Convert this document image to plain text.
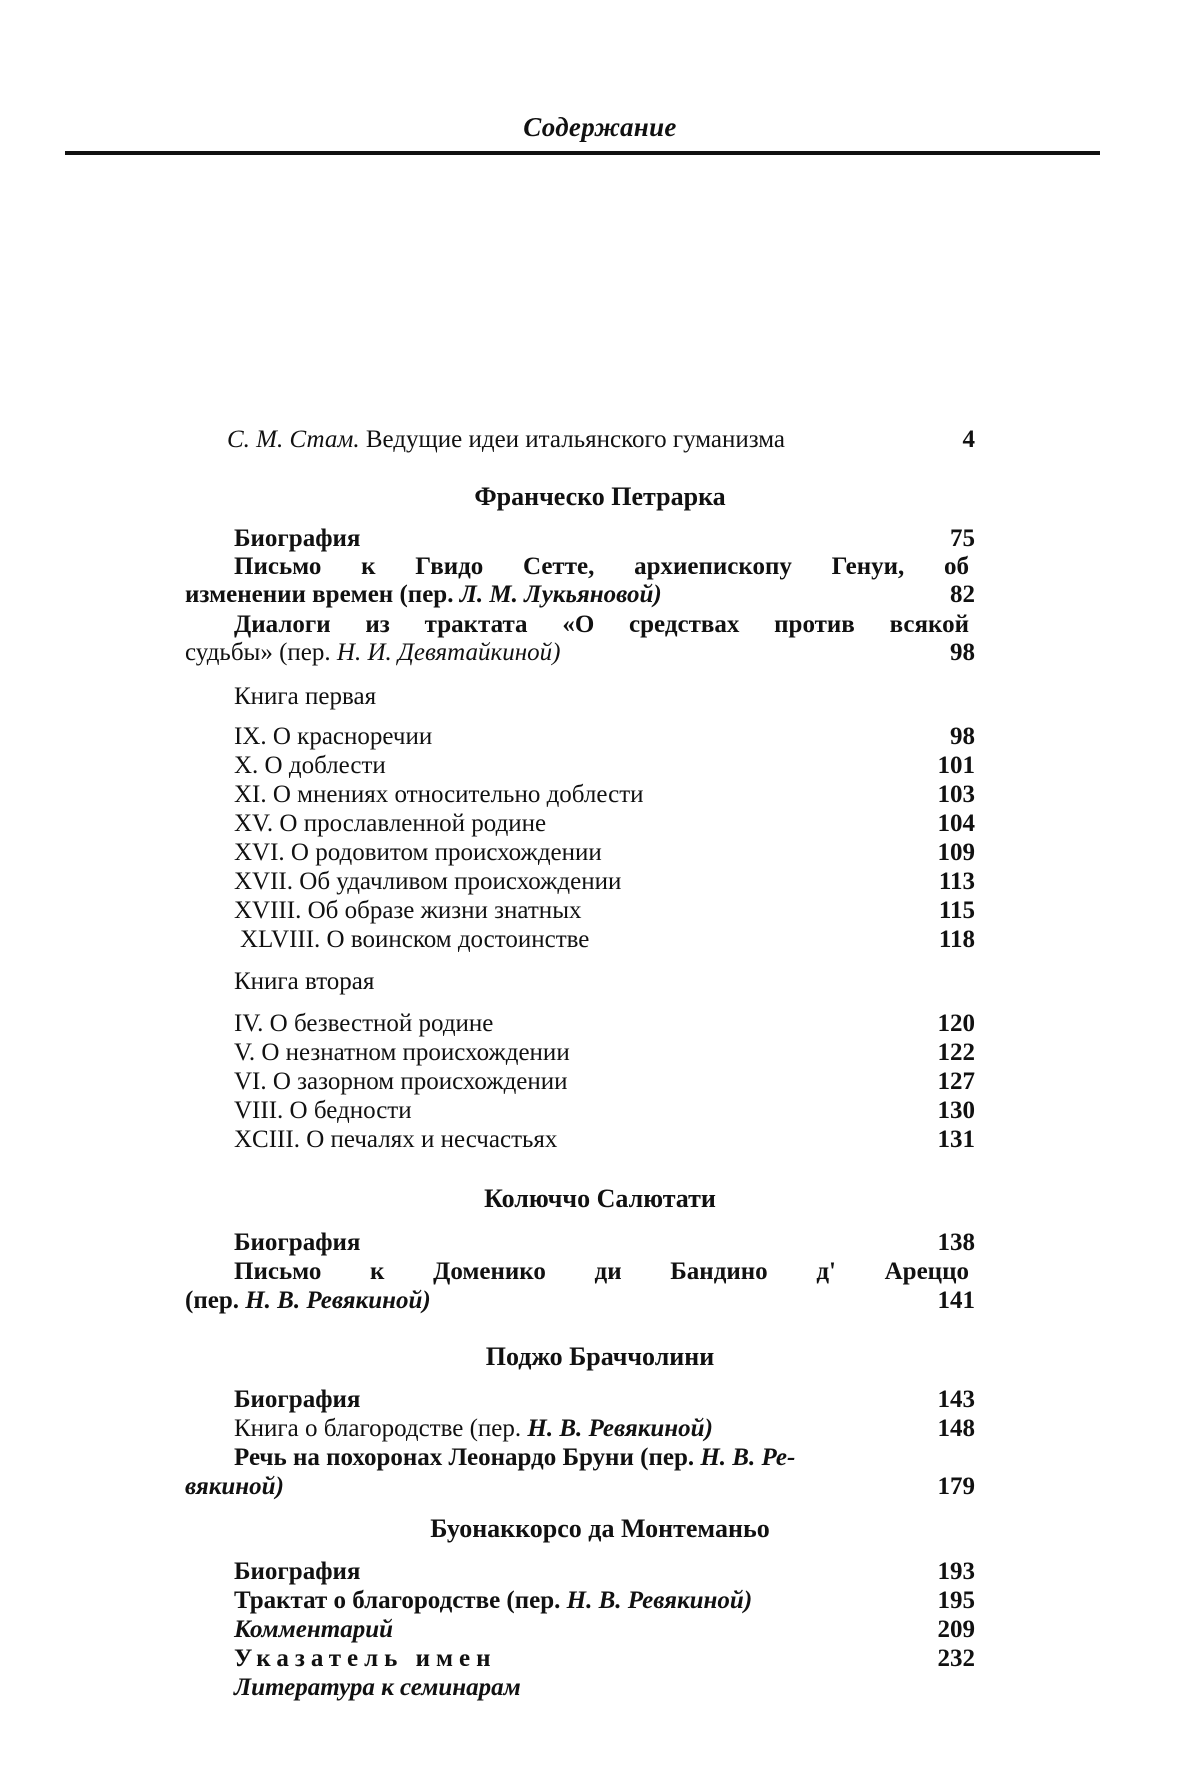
Содержание
С. М. Стам. Ведущие идеи итальянского гуманизма	4
Франческо Петрарка
Биография	75
Письмо к Гвидо Сетте, архиепископу Генуи, об
изменении времен (пер. Л. М. Лукьяновой)	82
Диалоги из трактата «О средствах против всякой
судьбы» (пер. Н. И. Девятайкиной)	98
Книга первая
IX. О красноречии	98
X. О доблести	101
XI. О мнениях относительно доблести	103
XV. О прославленной родине	104
XVI. О родовитом происхождении	109
XVII. Об удачливом происхождении	113
XVIII. Об образе жизни знатных	115
XLVIII. О воинском достоинстве	118
Книга вторая
IV. О безвестной родине	120
V. О незнатном происхождении	122
VI. О зазорном происхождении	127
VIII. О бедности	130
XCIII. О печалях и несчастьях	131
Колюччо Салютати
Биография	138
Письмо к Доменико ди Бандино д' Ареццо
(пер. Н. В. Ревякиной)	141
Поджо Браччолини
Биография	143
Книга о благородстве (пер. Н. В. Ревякиной)	148
Речь на похоронах Леонардо Бруни (пер. Н. В. Ре-
вякиной)	179
Буонаккорсо да Монтеманьо
Биография	193
Трактат о благородстве (пер. Н. В. Ревякиной)	195
Комментарий	209
Указатель имен	232
Литература к семинарам
